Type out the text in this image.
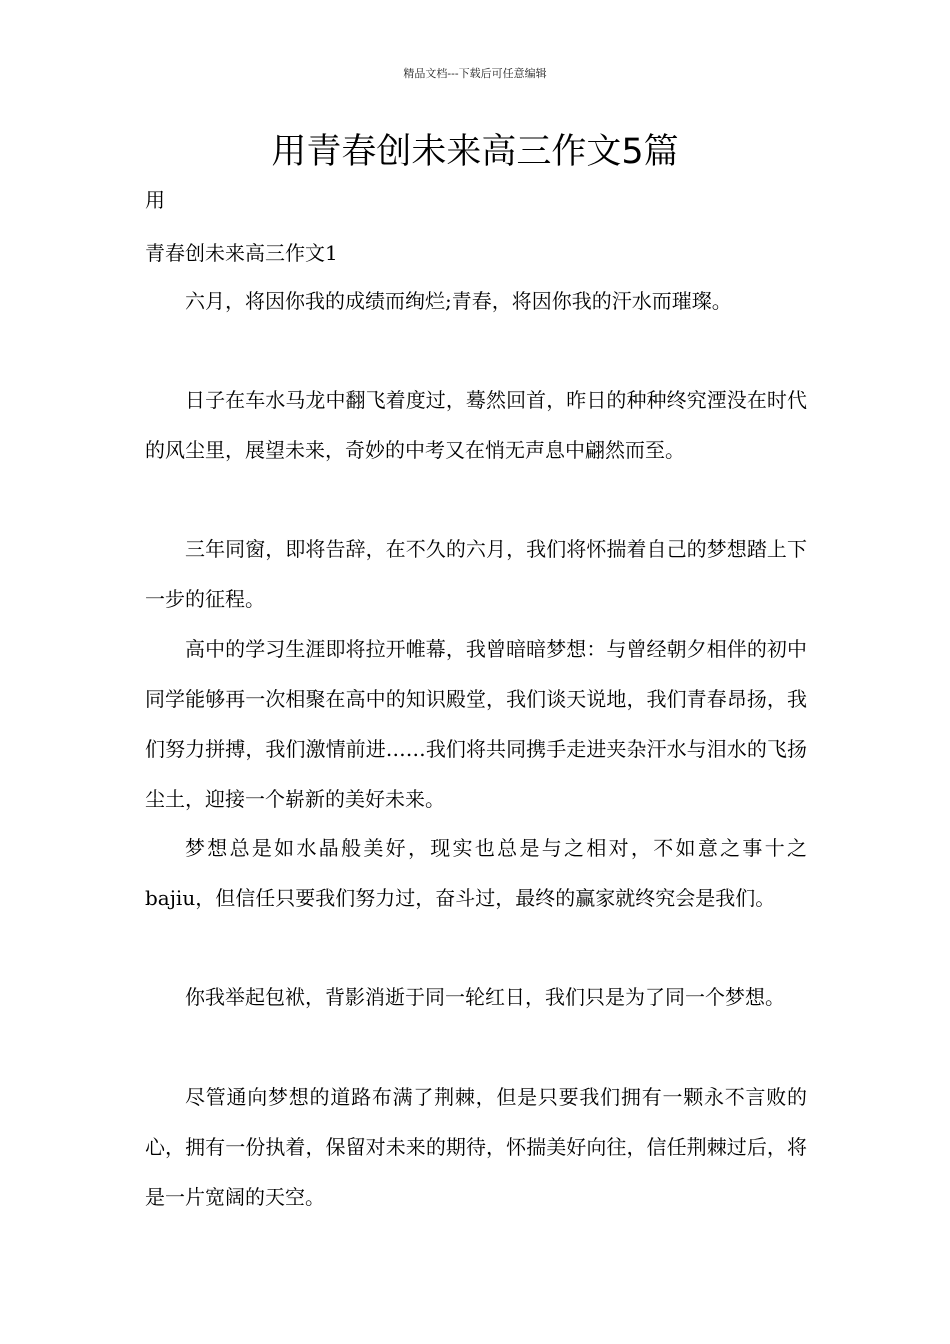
精品文档---下载后可任意编辑
用青春创未来高三作文5篇
用
青春创未来高三作文1

六月，将因你我的成绩而绚烂;青春，将因你我的汗水而璀璨。

日子在车水马龙中翻飞着度过，蓦然回首，昨日的种种终究湮没在时代的风尘里，展望未来，奇妙的中考又在悄无声息中翩然而至。

三年同窗，即将告辞，在不久的六月，我们将怀揣着自己的梦想踏上下一步的征程。

高中的学习生涯即将拉开帷幕，我曾暗暗梦想：与曾经朝夕相伴的初中同学能够再一次相聚在高中的知识殿堂，我们谈天说地，我们青春昂扬，我们努力拼搏，我们激情前进……我们将共同携手走进夹杂汗水与泪水的飞扬尘土，迎接一个崭新的美好未来。

梦想总是如水晶般美好，现实也总是与之相对，不如意之事十之bajiu，但信任只要我们努力过，奋斗过，最终的赢家就终究会是我们。

你我举起包袱，背影消逝于同一轮红日，我们只是为了同一个梦想。

尽管通向梦想的道路布满了荆棘，但是只要我们拥有一颗永不言败的心，拥有一份执着，保留对未来的期待，怀揣美好向往，信任荆棘过后，将是一片宽阔的天空。
